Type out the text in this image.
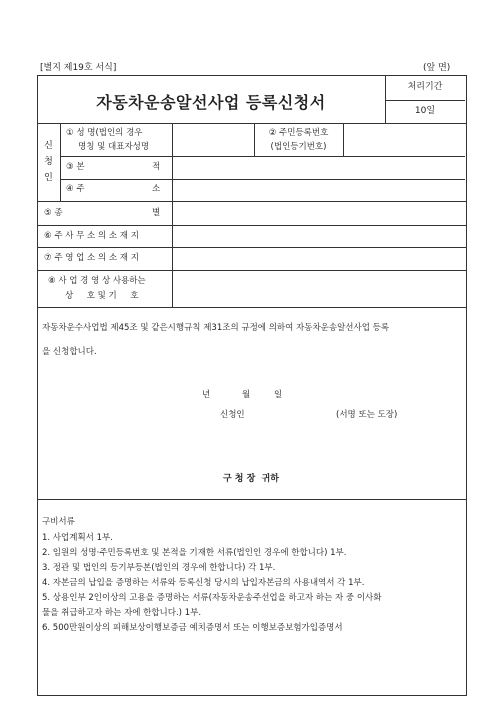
[별지 제19호 서식]	(앞 면)
자동차운송알선사업 등록신청서
처리기간
10일
신
청
인
① 성 명(법인의 경우
명칭 및 대표자성명
② 주민등록번호
(법인등기번호)
③ 본	적
④ 주	소
⑤ 종	별
⑥ 주 사 무 소 의 소 재 지
⑦ 주 영 업 소 의 소 재 지
⑧ 사 업 경 영 상 사용하는
상     호 및 기     호
자동차운수사업법 제45조 및 같은시행규칙 제31조의 규정에 의하여 자동차운송알선사업 등록
을 신청합니다.
년	월	일
신청인	(서명 또는 도장)
구 청 장  귀하
구비서류
1. 사업계획서 1부.
2. 임원의 성명·주민등록번호 및 본적을 기재한 서류(법인인 경우에 한합니다) 1부.
3. 정관 및 법인의 등기부등본(법인의 경우에 한합니다) 각 1부.
4. 자본금의 납입을 증명하는 서류와 등록신청 당시의 납입자본금의 사용내역서 각 1부.
5. 상용인부 2인이상의 고용을 증명하는 서류(자동차운송주선업을 하고자 하는 자 중 이사화
물을 취급하고자 하는 자에 한합니다.) 1부.
6. 500만원이상의 피해보상이행보증금 예치증명서 또는 이행보증보험가입증명서
